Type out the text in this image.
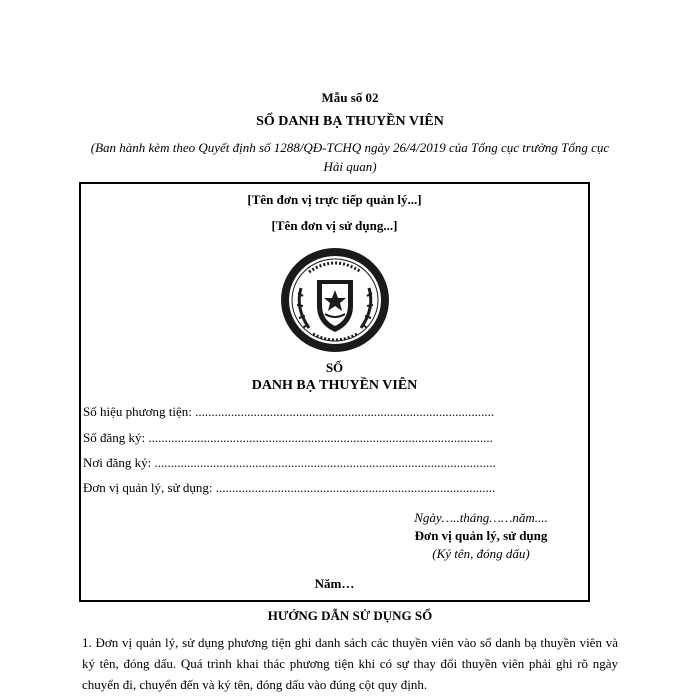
Mẫu số 02
SỔ DANH BẠ THUYỀN VIÊN
(Ban hành kèm theo Quyết định số 1288/QĐ-TCHQ ngày 26/4/2019 của Tổng cục trưởng Tổng cục Hải quan)
[Tên đơn vị trực tiếp quản lý...]
[Tên đơn vị sử dụng...]
SỔ
DANH BẠ THUYỀN VIÊN
Số hiệu phương tiện: ............................................................................................
Số đăng ký: ..........................................................................................................
Nơi đăng ký: .........................................................................................................
Đơn vị quản lý, sử dụng: ......................................................................................
Ngày…..tháng……năm....
Đơn vị quản lý, sử dụng
(Ký tên, đóng dấu)
Năm…
HƯỚNG DẪN SỬ DỤNG SỔ
1. Đơn vị quản lý, sử dụng phương tiện ghi danh sách các thuyền viên vào sổ danh bạ thuyền viên và ký tên, đóng dấu. Quá trình khai thác phương tiện khi có sự thay đổi thuyền viên phải ghi rõ ngày chuyển đi, chuyển đến và ký tên, đóng dấu vào đúng cột quy định.
